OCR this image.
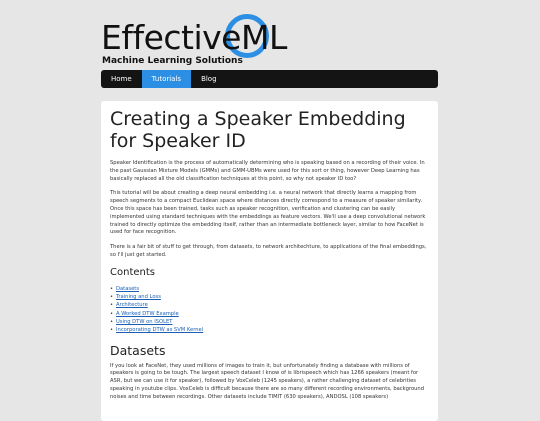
EffectiveML
Machine Learning Solutions
Home	Tutorials	Blog
Creating a Speaker Embedding for Speaker ID

Speaker Identification is the process of automatically determining who is speaking based on a recording of their voice. In the past Gaussian Mixture Models (GMMs) and GMM-UBMs were used for this sort or thing, however Deep Learning has basically replaced all the old classification techniques at this point, so why not speaker ID too?

This tutorial will be about creating a deep neural embedding i.e. a neural network that directly learns a mapping from speech segments to a compact Euclidean space where distances directly correspond to a measure of speaker similarity. Once this space has been trained, tasks such as speaker recognition, verification and clustering can be easily implemented using standard techniques with the embeddings as feature vectors. We'll use a deep convolutional network trained to directly optimize the embedding itself, rather than an intermediate bottleneck layer, similar to how FaceNet is used for face recognition.

There is a fair bit of stuff to get through, from datasets, to network architechture, to applications of the final embeddings, so I'll just get started.

Contents
• Datasets
• Training and Loss
• Architecture
• A Worked DTW Example
• Using DTW on ISOLET
• Incorporating DTW as SVM Kernel
Datasets

If you look at FaceNet, they used millions of images to train it, but unfortunately finding a database with millions of speakers is going to be tough. The largest speech dataset I know of is librispeech which has 1266 speakers (meant for ASR, but we can use it for speaker), followed by VoxCeleb (1245 speakers), a rather challenging dataset of celebrities speaking in youtube clips. VoxCeleb is difficult because there are so many different recording environments, background noises and time between recordings. Other datasets include TIMIT (630 speakers), ANDOSL (108 speakers)
